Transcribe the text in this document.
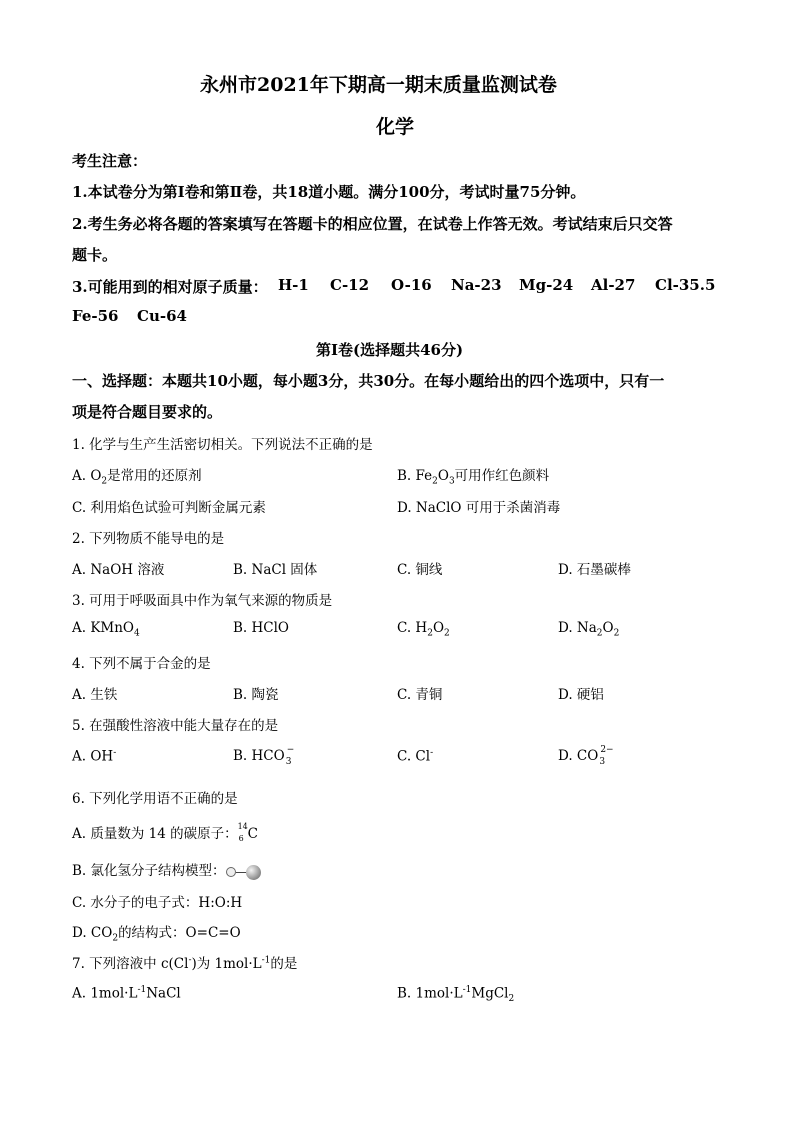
永州市2021年下期高一期末质量监测试卷
化学
考生注意：
1.本试卷分为第Ⅰ卷和第Ⅱ卷，共18道小题。满分100分，考试时量75分钟。
2.考生务必将各题的答案填写在答题卡的相应位置，在试卷上作答无效。考试结束后只交答
题卡。
3.可能用到的相对原子质量： H-1 C-12 O-16 Na-23 Mg-24 Al-27 Cl-35.5
Fe-56 Cu-64
第Ⅰ卷(选择题共46分)
一、选择题：本题共10小题，每小题3分，共30分。在每小题给出的四个选项中，只有一
项是符合题目要求的。
1. 化学与生产生活密切相关。下列说法不正确的是
A. $O_2$是常用的还原剂	B. $Fe_2O_3$可用作红色颜料
C. 利用焰色试验可判断金属元素	D. NaClO 可用于杀菌消毒
2. 下列物质不能导电的是
A. NaOH 溶液	B. NaCl 固体	C. 铜线	D. 石墨碳棒
3. 可用于呼吸面具中作为氧气来源的物质是
A. KMnO$_4$	B. HClO	C. $H_2O_2$	D. $Na_2O_2$
4. 下列不属于合金的是
A. 生铁	B. 陶瓷	C. 青铜	D. 硬铝
5. 在强酸性溶液中能大量存在的是
A. OH-	B. HCO −
3	C. Cl-	D. CO 2−
3
6. 下列化学用语不正确的是
A. 质量数为 14 的碳原子： 14
6 C
B. 氯化氢分子结构模型：
C. 水分子的电子式：H:O:H
D. $CO_2$的结构式：O=C=O
7. 下列溶液中 c(Cl-)为 $1mol\cdot L^{-1}$的是
A. $1mol\cdot L^{-1}NaCl$	B. $1mol\cdot L^{-1}MgCl_2$
